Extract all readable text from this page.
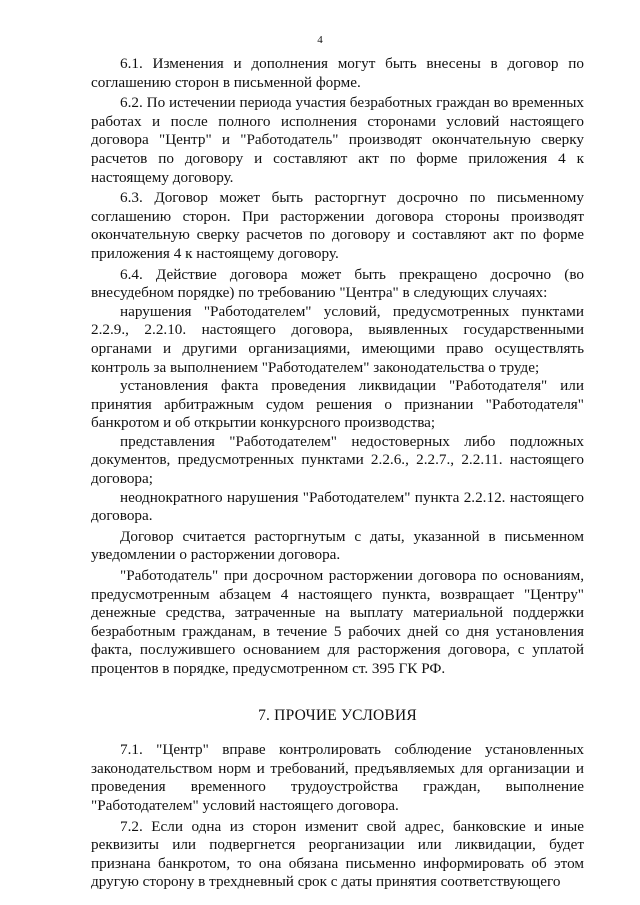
4

6.1. Изменения и дополнения могут быть внесены в договор по соглашению сторон в письменной форме.

6.2. По истечении периода участия безработных граждан во временных работах и после полного исполнения сторонами условий настоящего договора "Центр" и "Работодатель" производят окончательную сверку расчетов по договору и составляют акт по форме приложения 4 к настоящему договору.

6.3. Договор может быть расторгнут досрочно по письменному соглашению сторон. При расторжении договора стороны производят окончательную сверку расчетов по договору и составляют акт по форме приложения 4 к настоящему договору.

6.4. Действие договора может быть прекращено досрочно (во внесудебном порядке) по требованию "Центра" в следующих случаях:

нарушения "Работодателем" условий, предусмотренных пунктами 2.2.9., 2.2.10. настоящего договора, выявленных государственными органами и другими организациями, имеющими право осуществлять контроль за выполнением "Работодателем" законодательства о труде;

установления факта проведения ликвидации "Работодателя" или принятия арбитражным судом решения о признании "Работодателя" банкротом и об открытии конкурсного производства;

представления "Работодателем" недостоверных либо подложных документов, предусмотренных пунктами 2.2.6., 2.2.7., 2.2.11. настоящего договора;

неоднократного нарушения "Работодателем" пункта 2.2.12. настоящего договора.

Договор считается расторгнутым с даты, указанной в письменном уведомлении о расторжении договора.

"Работодатель" при досрочном расторжении договора по основаниям, предусмотренным абзацем 4 настоящего пункта, возвращает "Центру" денежные средства, затраченные на выплату материальной поддержки безработным гражданам, в течение 5 рабочих дней со дня установления факта, послужившего основанием для расторжения договора, с уплатой процентов в порядке, предусмотренном ст. 395 ГК РФ.

7. ПРОЧИЕ УСЛОВИЯ

7.1. "Центр" вправе контролировать соблюдение установленных законодательством норм и требований, предъявляемых для организации и проведения временного трудоустройства граждан, выполнение "Работодателем" условий настоящего договора.

7.2. Если одна из сторон изменит свой адрес, банковские и иные реквизиты или подвергнется реорганизации или ликвидации, будет признана банкротом, то она обязана письменно информировать об этом другую сторону в трехдневный срок с даты принятия соответствующего
